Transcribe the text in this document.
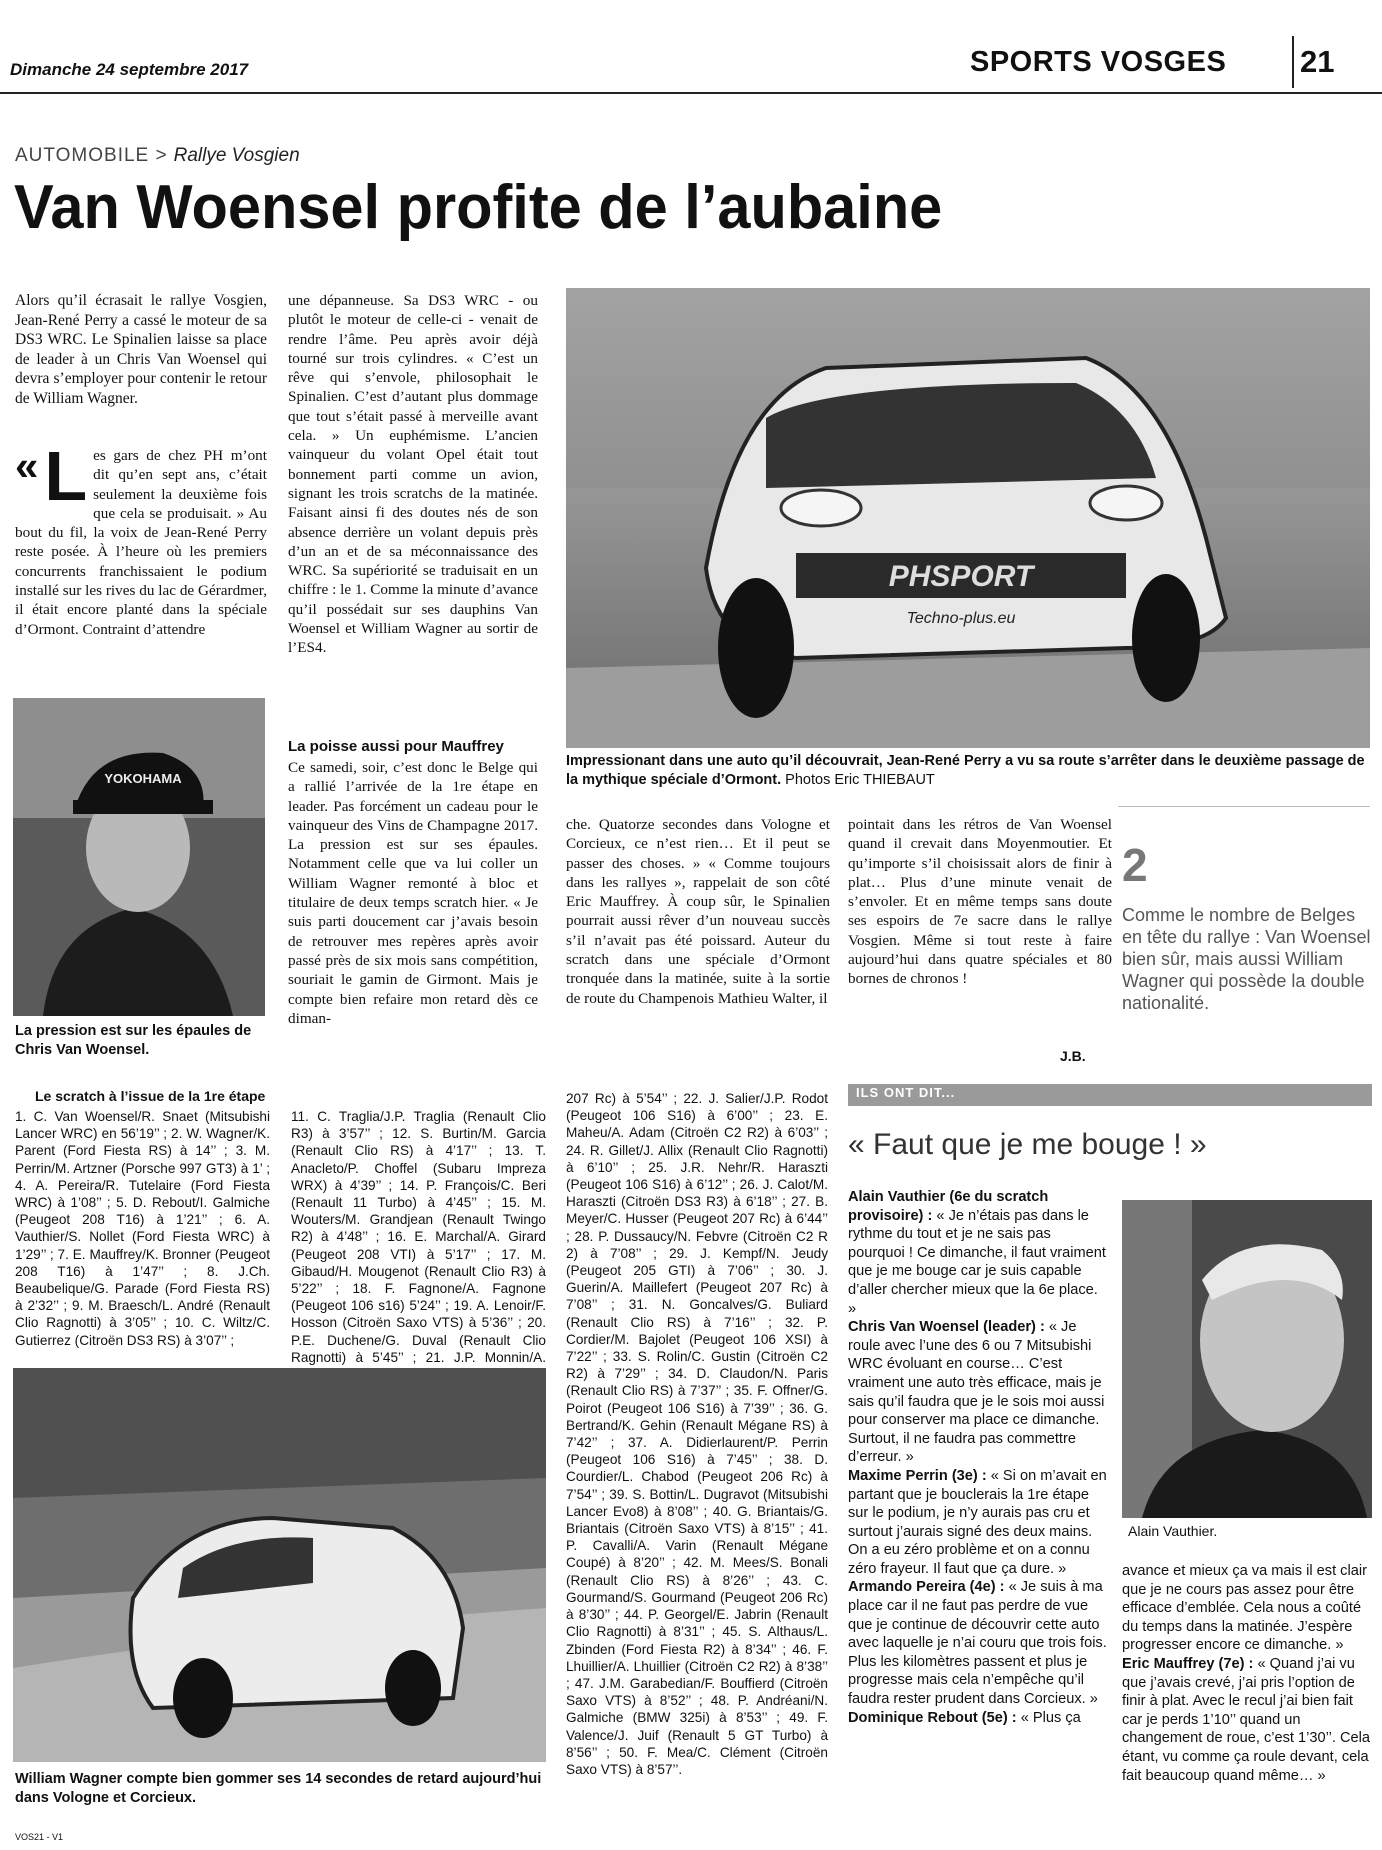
Dimanche 24 septembre 2017	SPORTS VOSGES 21
AUTOMOBILE > Rallye Vosgien
Van Woensel profite de l’aubaine
Alors qu’il écrasait le rallye Vosgien, Jean-René Perry a cassé le moteur de sa DS3 WRC. Le Spinalien laisse sa place de leader à un Chris Van Woensel qui devra s’employer pour contenir le retour de William Wagner.
« L es gars de chez PH m’ont dit qu’en sept ans, c’était seulement la deuxième fois que cela se produisait. » Au bout du fil, la voix de Jean-René Perry reste posée. À l’heure où les premiers concurrents franchissaient le podium installé sur les rives du lac de Gérardmer, il était encore planté dans la spéciale d’Ormont. Contraint d’attendre
une dépanneuse. Sa DS3 WRC - ou plutôt le moteur de celle-ci - venait de rendre l’âme. Peu après avoir déjà tourné sur trois cylindres. « C’est un rêve qui s’envole, philosophait le Spinalien. C’est d’autant plus dommage que tout s’était passé à merveille avant cela. » Un euphémisme. L’ancien vainqueur du volant Opel était tout bonnement parti comme un avion, signant les trois scratchs de la matinée. Faisant ainsi fi des doutes nés de son absence derrière un volant depuis près d’un an et de sa méconnaissance des WRC. Sa supériorité se traduisait en un chiffre : le 1. Comme la minute d’avance qu’il possédait sur ses dauphins Van Woensel et William Wagner au sortir de l’ES4.
La poisse aussi pour Mauffrey
Ce samedi, soir, c’est donc le Belge qui a rallié l’arrivée de la 1re étape en leader. Pas forcément un cadeau pour le vainqueur des Vins de Champagne 2017. La pression est sur ses épaules. Notamment celle que va lui coller un William Wagner remonté à bloc et titulaire de deux temps scratch hier. « Je suis parti doucement car j’avais besoin de retrouver mes repères après avoir passé près de six mois sans compétition, souriait le gamin de Girmont. Mais je compte bien refaire mon retard dès ce diman-
PHSPORT
Techno-plus.eu
Impressionant dans une auto qu’il découvrait, Jean-René Perry a vu sa route s’arrêter dans le deuxième passage de la mythique spéciale d’Ormont. Photos Eric THIEBAUT
YOKOHAMA
La pression est sur les épaules de Chris Van Woensel.
che. Quatorze secondes dans Vologne et Corcieux, ce n’est rien… Et il peut se passer des choses. » « Comme toujours dans les rallyes », rappelait de son côté Eric Mauffrey. À coup sûr, le Spinalien pourrait aussi rêver d’un nouveau succès s’il n’avait pas été poissard. Auteur du scratch dans une spéciale d’Ormont tronquée dans la matinée, suite à la sortie de route du Champenois Mathieu Walter, il
pointait dans les rétros de Van Woensel quand il crevait dans Moyenmoutier. Et qu’importe s’il choisissait alors de finir à plat… Plus d’une minute venait de s’envoler. Et en même temps sans doute ses espoirs de 7e sacre dans le rallye Vosgien. Même si tout reste à faire aujourd’hui dans quatre spéciales et 80 bornes de chronos !
J.B.
2
Comme le nombre de Belges en tête du rallye : Van Woensel bien sûr, mais aussi William Wagner qui possède la double nationalité.
Le scratch à l’issue de la 1re étape
1. C. Van Woensel/R. Snaet (Mitsubishi Lancer WRC) en 56’19’’ ; 2. W. Wagner/K. Parent (Ford Fiesta RS) à 14’’ ; 3. M. Perrin/M. Artzner (Porsche 997 GT3) à 1’ ; 4. A. Pereira/R. Tutelaire (Ford Fiesta WRC) à 1’08’’ ; 5. D. Rebout/I. Galmiche (Peugeot 208 T16) à 1’21’’ ; 6. A. Vauthier/S. Nollet (Ford Fiesta WRC) à 1’29’’ ; 7. E. Mauffrey/K. Bronner (Peugeot 208 T16) à 1’47’’ ; 8. J.Ch. Beaubelique/G. Parade (Ford Fiesta RS) à 2’32’’ ; 9. M. Braesch/L. André (Renault Clio Ragnotti) à 3’05’’ ; 10. C. Wiltz/C. Gutierrez (Citroën DS3 RS) à 3’07’’ ;
11. C. Traglia/J.P. Traglia (Renault Clio R3) à 3’57’’ ; 12. S. Burtin/M. Garcia (Renault Clio RS) à 4’17’’ ; 13. T. Anacleto/P. Choffel (Subaru Impreza WRX) à 4’39’’ ; 14. P. François/C. Beri (Renault 11 Turbo) à 4’45’’ ; 15. M. Wouters/M. Grandjean (Renault Twingo R2) à 4’48’’ ; 16. E. Marchal/A. Girard (Peugeot 208 VTI) à 5’17’’ ; 17. M. Gibaud/H. Mougenot (Renault Clio R3) à 5’22’’ ; 18. F. Fagnone/A. Fagnone (Peugeot 106 s16) 5’24’’ ; 19. A. Lenoir/F. Hosson (Citroën Saxo VTS) à 5’36’’ ; 20. P.E. Duchene/G. Duval (Renault Clio Ragnotti) à 5’45’’ ; 21. J.P. Monnin/A.
207 Rc) à 5’54’’ ; 22. J. Salier/J.P. Rodot (Peugeot 106 S16) à 6’00’’ ; 23. E. Maheu/A. Adam (Citroën C2 R2) à 6’03’’ ; 24. R. Gillet/J. Allix (Renault Clio Ragnotti) à 6’10’’ ; 25. J.R. Nehr/R. Haraszti (Peugeot 106 S16) à 6’12’’ ; 26. J. Calot/M. Haraszti (Citroën DS3 R3) à 6’18’’ ; 27. B. Meyer/C. Husser (Peugeot 207 Rc) à 6’44’’ ; 28. P. Dussaucy/N. Febvre (Citroën C2 R 2) à 7’08’’ ; 29. J. Kempf/N. Jeudy (Peugeot 205 GTI) à 7’06’’ ; 30. J. Guerin/A. Maillefert (Peugeot 207 Rc) à 7’08’’ ; 31. N. Goncalves/G. Buliard (Renault Clio RS) à 7’16’’ ; 32. P. Cordier/M. Bajolet (Peugeot 106 XSI) à 7’22’’ ; 33. S. Rolin/C. Gustin (Citroën C2 R2) à 7’29’’ ; 34. D. Claudon/N. Paris (Renault Clio RS) à 7’37’’ ; 35. F. Offner/G. Poirot (Peugeot 106 S16) à 7’39’’ ; 36. G. Bertrand/K. Gehin (Renault Mégane RS) à 7’42’’ ; 37. A. Didierlaurent/P. Perrin (Peugeot 106 S16) à 7’45’’ ; 38. D. Courdier/L. Chabod (Peugeot 206 Rc) à 7’54’’ ; 39. S. Bottin/L. Dugravot (Mitsubishi Lancer Evo8) à 8’08’’ ; 40. G. Briantais/G. Briantais (Citroën Saxo VTS) à 8’15’’ ; 41. P. Cavalli/A. Varin (Renault Mégane Coupé) à 8’20’’ ; 42. M. Mees/S. Bonali (Renault Clio RS) à 8’26’’ ; 43. C. Gourmand/S. Gourmand (Peugeot 206 Rc) à 8’30’’ ; 44. P. Georgel/E. Jabrin (Renault Clio Ragnotti) à 8’31’’ ; 45. S. Althaus/L. Zbinden (Ford Fiesta R2) à 8’34’’ ; 46. F. Lhuillier/A. Lhuillier (Citroën C2 R2) à 8’38’’ ; 47. J.M. Garabedian/F. Bouffierd (Citroën Saxo VTS) à 8’52’’ ; 48. P. Andréani/N. Galmiche (BMW 325i) à 8’53’’ ; 49. F. Valence/J. Juif (Renault 5 GT Turbo) à 8’56’’ ; 50. F. Mea/C. Clément (Citroën Saxo VTS) à 8’57’’.
William Wagner compte bien gommer ses 14 secondes de retard aujourd’hui dans Vologne et Corcieux.
VOS21 - V1
ILS ONT DIT...
« Faut que je me bouge ! »

Alain Vauthier (6e du scratch provisoire) : « Je n’étais pas dans le rythme du tout et je ne sais pas pourquoi ! Ce dimanche, il faut vraiment que je me bouge car je suis capable d’aller chercher mieux que la 6e place. »

Chris Van Woensel (leader) : « Je roule avec l’une des 6 ou 7 Mitsubishi WRC évoluant en course… C’est vraiment une auto très efficace, mais je sais qu’il faudra que je le sois moi aussi pour conserver ma place ce dimanche. Surtout, il ne faudra pas commettre d’erreur. »

Maxime Perrin (3e) : « Si on m’avait en partant que je bouclerais la 1re étape sur le podium, je n’y aurais pas cru et surtout j’aurais signé des deux mains. On a eu zéro problème et on a connu zéro frayeur. Il faut que ça dure. »

Armando Pereira (4e) : « Je suis à ma place car il ne faut pas perdre de vue que je continue de découvrir cette auto avec laquelle je n’ai couru que trois fois. Plus les kilomètres passent et plus je progresse mais cela n’empêche qu’il faudra rester prudent dans Corcieux. »

Dominique Rebout (5e) : « Plus ça

Alain Vauthier.

avance et mieux ça va mais il est clair que je ne cours pas assez pour être efficace d’emblée. Cela nous a coûté du temps dans la matinée. J’espère progresser encore ce dimanche. »

Eric Mauffrey (7e) : « Quand j’ai vu que j’avais crevé, j’ai pris l’option de finir à plat. Avec le recul j’ai bien fait car je perds 1’10’’ quand un changement de roue, c’est 1’30’’. Cela étant, vu comme ça roule devant, cela fait beaucoup quand même… »
